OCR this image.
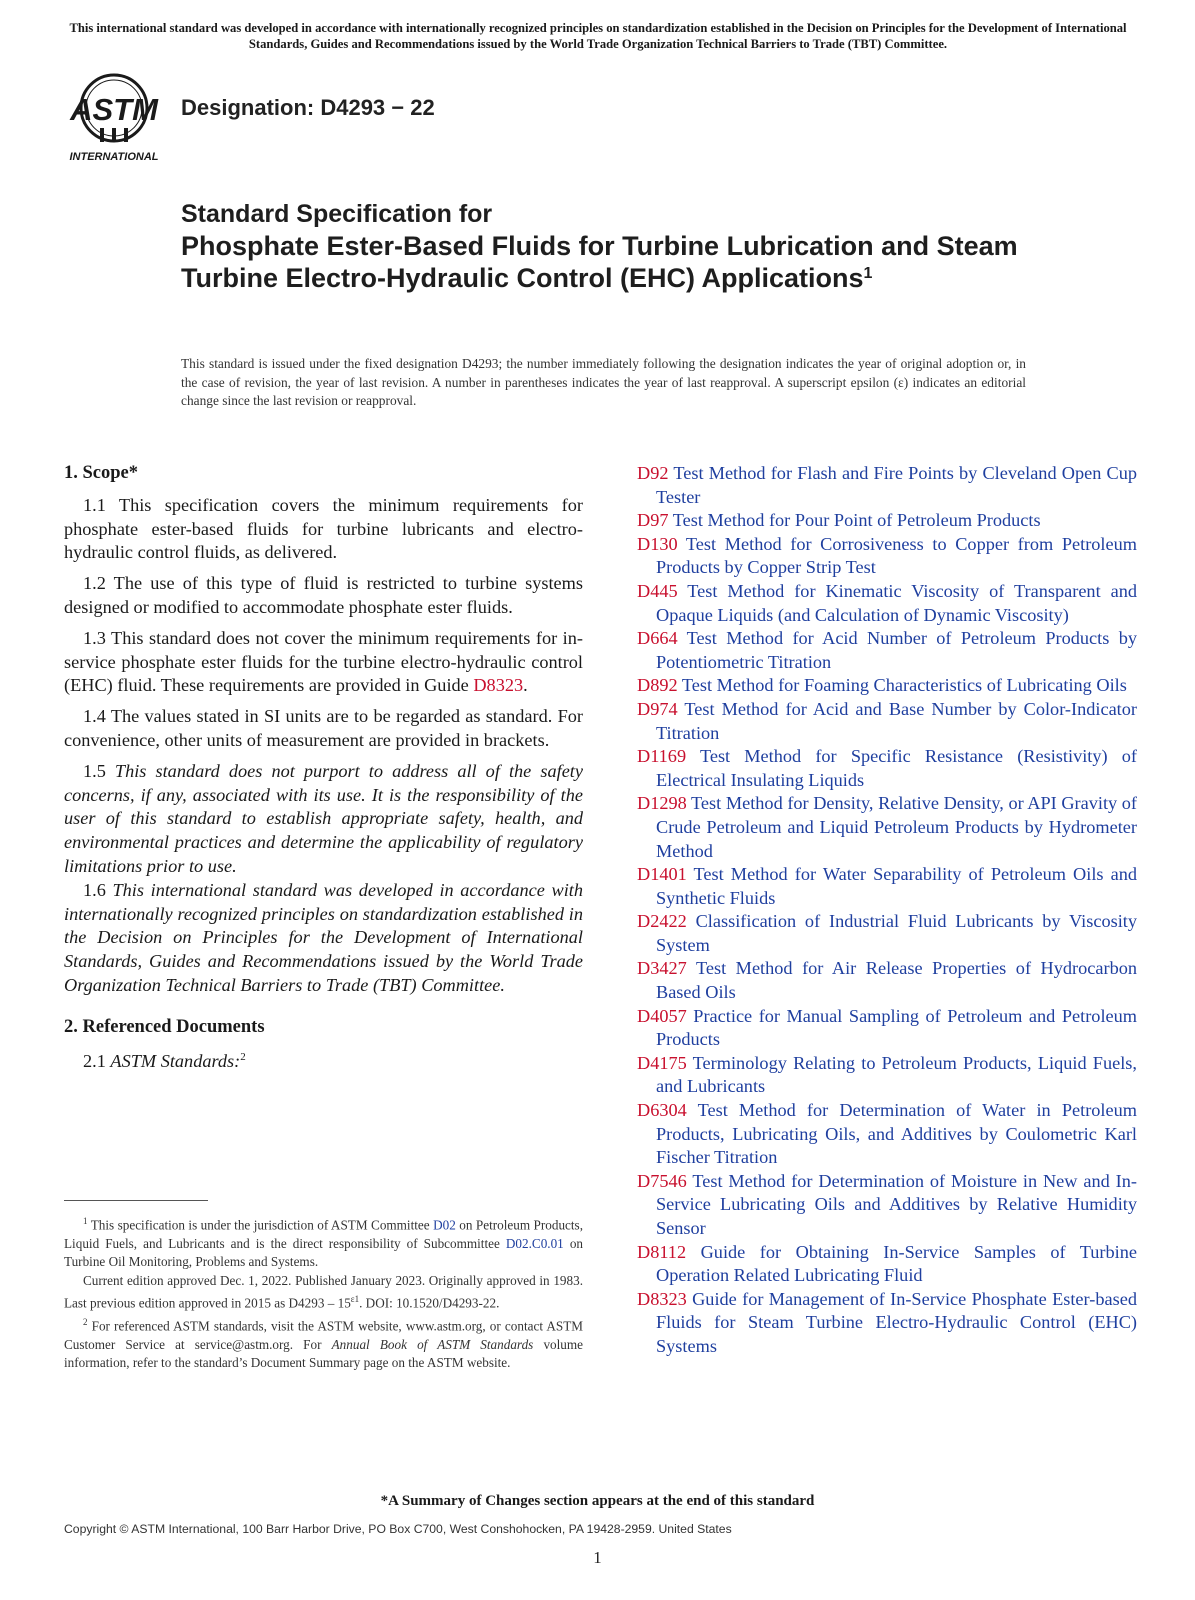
This international standard was developed in accordance with internationally recognized principles on standardization established in the Decision on Principles for the Development of International Standards, Guides and Recommendations issued by the World Trade Organization Technical Barriers to Trade (TBT) Committee.
ASTM
INTERNATIONAL
Designation: D4293 − 22
Standard Specification for
Phosphate Ester-Based Fluids for Turbine Lubrication and Steam Turbine Electro-Hydraulic Control (EHC) Applications$^1$
This standard is issued under the fixed designation D4293; the number immediately following the designation indicates the year of original adoption or, in the case of revision, the year of last revision. A number in parentheses indicates the year of last reapproval. A superscript epsilon (ε) indicates an editorial change since the last revision or reapproval.
1. Scope*

1.1 This specification covers the minimum requirements for phosphate ester-based fluids for turbine lubricants and electro-hydraulic control fluids, as delivered.

1.2 The use of this type of fluid is restricted to turbine systems designed or modified to accommodate phosphate ester fluids.

1.3 This standard does not cover the minimum requirements for in-service phosphate ester fluids for the turbine electro-hydraulic control (EHC) fluid. These requirements are provided in Guide D8323.

1.4 The values stated in SI units are to be regarded as standard. For convenience, other units of measurement are provided in brackets.

1.5 This standard does not purport to address all of the safety concerns, if any, associated with its use. It is the responsibility of the user of this standard to establish appropriate safety, health, and environmental practices and determine the applicability of regulatory limitations prior to use.

1.6 This international standard was developed in accordance with internationally recognized principles on standardization established in the Decision on Principles for the Development of International Standards, Guides and Recommendations issued by the World Trade Organization Technical Barriers to Trade (TBT) Committee.

2. Referenced Documents

2.1 ASTM Standards:$^2$

$^1$ This specification is under the jurisdiction of ASTM Committee D02 on Petroleum Products, Liquid Fuels, and Lubricants and is the direct responsibility of Subcommittee D02.C0.01 on Turbine Oil Monitoring, Problems and Systems.

Current edition approved Dec. 1, 2022. Published January 2023. Originally approved in 1983. Last previous edition approved in 2015 as $D4293 - 15^{\varepsilon 1}$. DOI: 10.1520/D4293-22.

$^2$ For referenced ASTM standards, visit the ASTM website, www.astm.org, or contact ASTM Customer Service at service@astm.org. For Annual Book of ASTM Standards volume information, refer to the standard’s Document Summary page on the ASTM website.

D92 Test Method for Flash and Fire Points by Cleveland Open Cup Tester
D97 Test Method for Pour Point of Petroleum Products
D130 Test Method for Corrosiveness to Copper from Petroleum Products by Copper Strip Test
D445 Test Method for Kinematic Viscosity of Transparent and Opaque Liquids (and Calculation of Dynamic Viscosity)
D664 Test Method for Acid Number of Petroleum Products by Potentiometric Titration
D892 Test Method for Foaming Characteristics of Lubricating Oils
D974 Test Method for Acid and Base Number by Color-Indicator Titration
D1169 Test Method for Specific Resistance (Resistivity) of Electrical Insulating Liquids
D1298 Test Method for Density, Relative Density, or API Gravity of Crude Petroleum and Liquid Petroleum Products by Hydrometer Method
D1401 Test Method for Water Separability of Petroleum Oils and Synthetic Fluids
D2422 Classification of Industrial Fluid Lubricants by Viscosity System
D3427 Test Method for Air Release Properties of Hydrocarbon Based Oils
D4057 Practice for Manual Sampling of Petroleum and Petroleum Products
D4175 Terminology Relating to Petroleum Products, Liquid Fuels, and Lubricants
D6304 Test Method for Determination of Water in Petroleum Products, Lubricating Oils, and Additives by Coulometric Karl Fischer Titration
D7546 Test Method for Determination of Moisture in New and In-Service Lubricating Oils and Additives by Relative Humidity Sensor
D8112 Guide for Obtaining In-Service Samples of Turbine Operation Related Lubricating Fluid
D8323 Guide for Management of In-Service Phosphate Ester-based Fluids for Steam Turbine Electro-Hydraulic Control (EHC) Systems
*A Summary of Changes section appears at the end of this standard
Copyright © ASTM International, 100 Barr Harbor Drive, PO Box C700, West Conshohocken, PA 19428-2959. United States
1
